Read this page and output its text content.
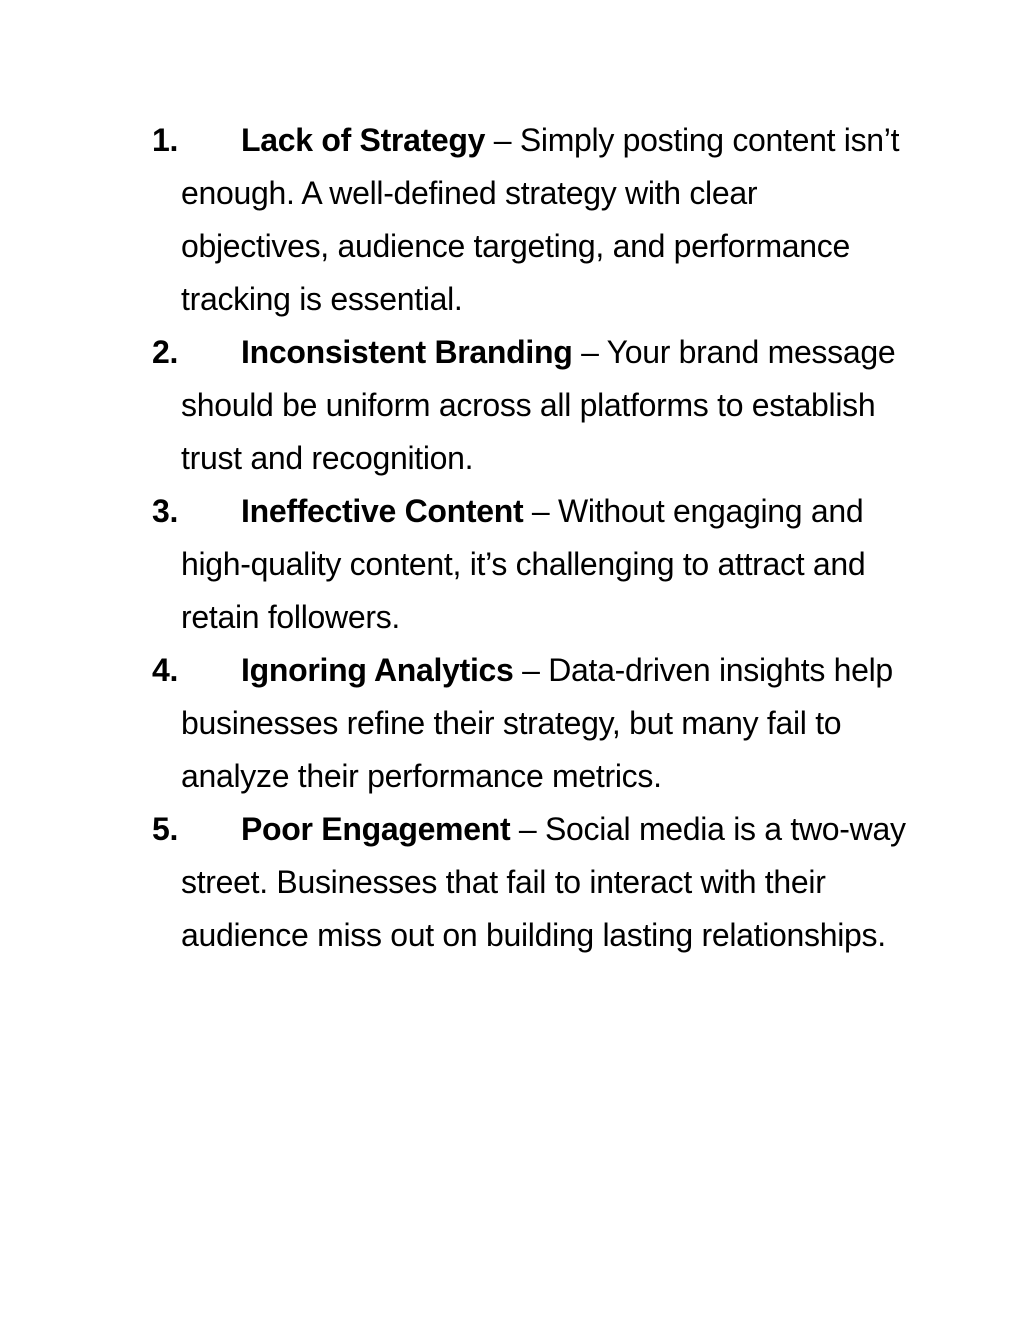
1. Lack of Strategy – Simply posting content isn’t enough. A well-defined strategy with clear objectives, audience targeting, and performance tracking is essential.
2. Inconsistent Branding – Your brand message should be uniform across all platforms to establish trust and recognition.
3. Ineffective Content – Without engaging and high-quality content, it’s challenging to attract and retain followers.
4. Ignoring Analytics – Data-driven insights help businesses refine their strategy, but many fail to analyze their performance metrics.
5. Poor Engagement – Social media is a two-way street. Businesses that fail to interact with their audience miss out on building lasting relationships.
